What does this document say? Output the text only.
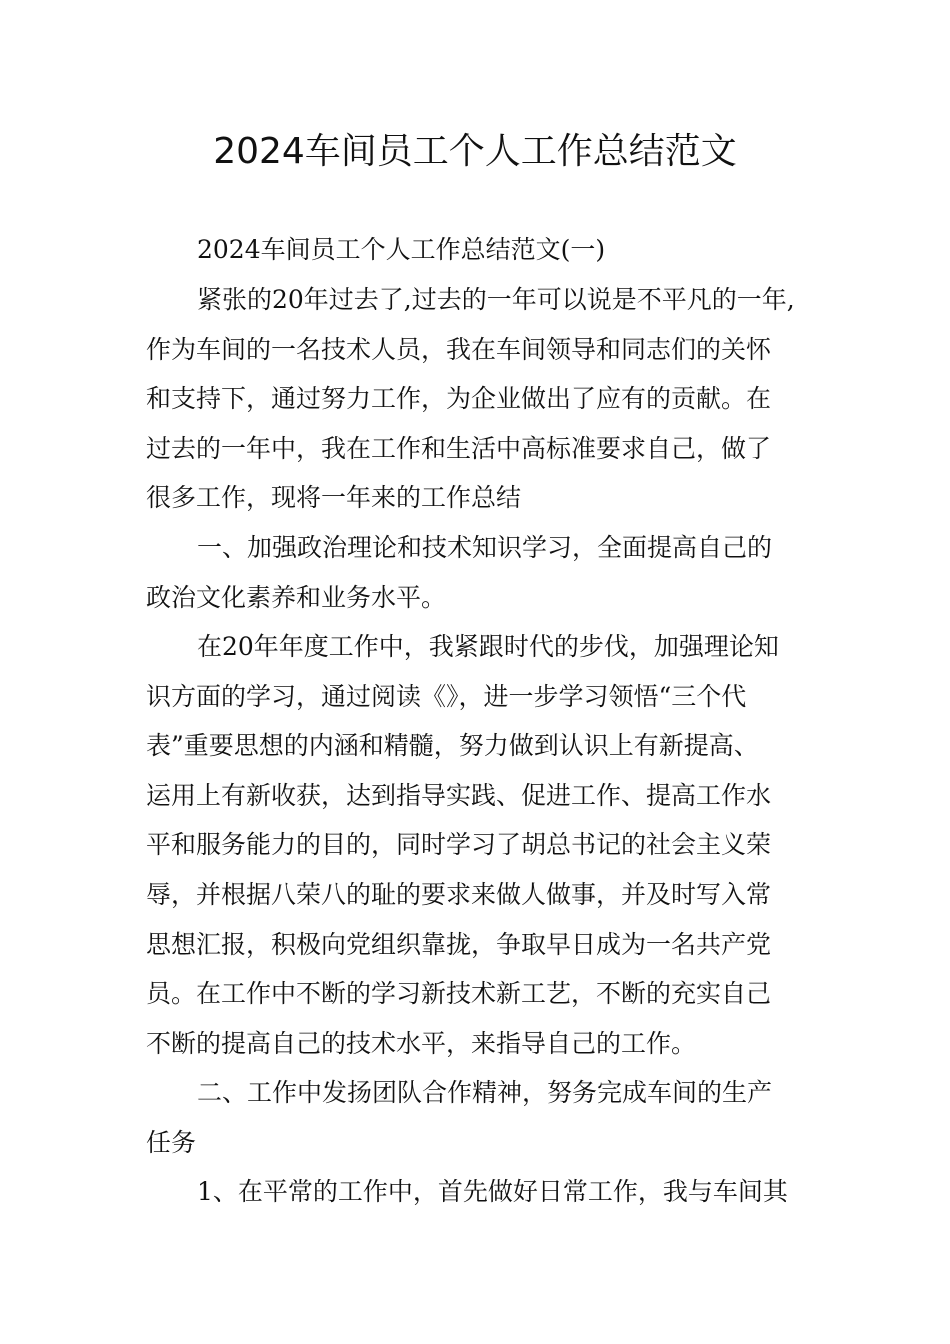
2024车间员工个人工作总结范文

2024车间员工个人工作总结范文(一)

紧张的20年过去了,过去的一年可以说是不平凡的一年,

作为车间的一名技术人员，我在车间领导和同志们的关怀

和支持下，通过努力工作，为企业做出了应有的贡献。在

过去的一年中，我在工作和生活中高标准要求自己，做了

很多工作，现将一年来的工作总结

一、加强政治理论和技术知识学习，全面提高自己的

政治文化素养和业务水平。

在20年年度工作中，我紧跟时代的步伐，加强理论知

识方面的学习，通过阅读《》，进一步学习领悟“三个代

表”重要思想的内涵和精髓，努力做到认识上有新提高、

运用上有新收获，达到指导实践、促进工作、提高工作水

平和服务能力的目的，同时学习了胡总书记的社会主义荣

辱，并根据八荣八的耻的要求来做人做事，并及时写入常

思想汇报，积极向党组织靠拢，争取早日成为一名共产党

员。在工作中不断的学习新技术新工艺，不断的充实自己

不断的提高自己的技术水平，来指导自己的工作。

二、工作中发扬团队合作精神，努务完成车间的生产

任务

1、在平常的工作中，首先做好日常工作，我与车间其
